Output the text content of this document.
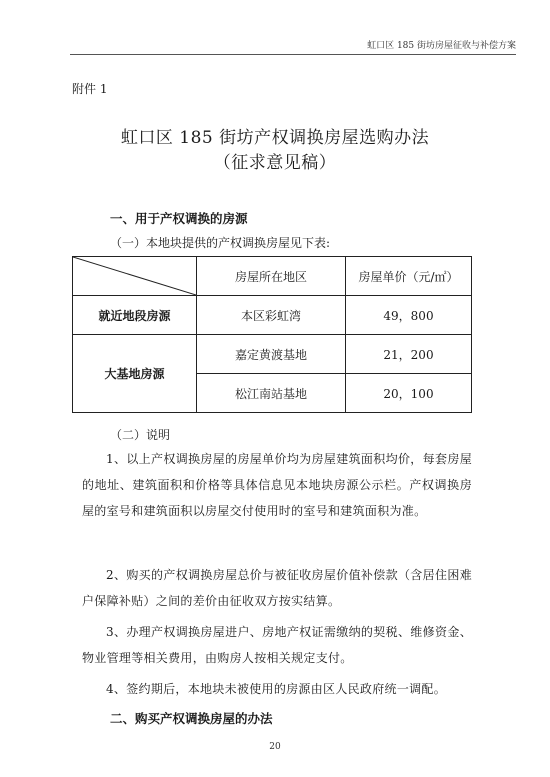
虹口区 185 街坊房屋征收与补偿方案
附件 1
虹口区 185 街坊产权调换房屋选购办法
（征求意见稿）
一、用于产权调换的房源
（一）本地块提供的产权调换房屋见下表:
	房屋所在地区	房屋单价（元/㎡）
就近地段房源	本区彩虹湾	49，800
大基地房源	嘉定黄渡基地	21，200
	松江南站基地	20，100
（二）说明
1、以上产权调换房屋的房屋单价均为房屋建筑面积均价，每套房屋的地址、建筑面积和价格等具体信息见本地块房源公示栏。产权调换房屋的室号和建筑面积以房屋交付使用时的室号和建筑面积为准。
2、购买的产权调换房屋总价与被征收房屋价值补偿款（含居住困难户保障补贴）之间的差价由征收双方按实结算。
3、办理产权调换房屋进户、房地产权证需缴纳的契税、维修资金、物业管理等相关费用，由购房人按相关规定支付。
4、签约期后，本地块未被使用的房源由区人民政府统一调配。
二、购买产权调换房屋的办法
20
